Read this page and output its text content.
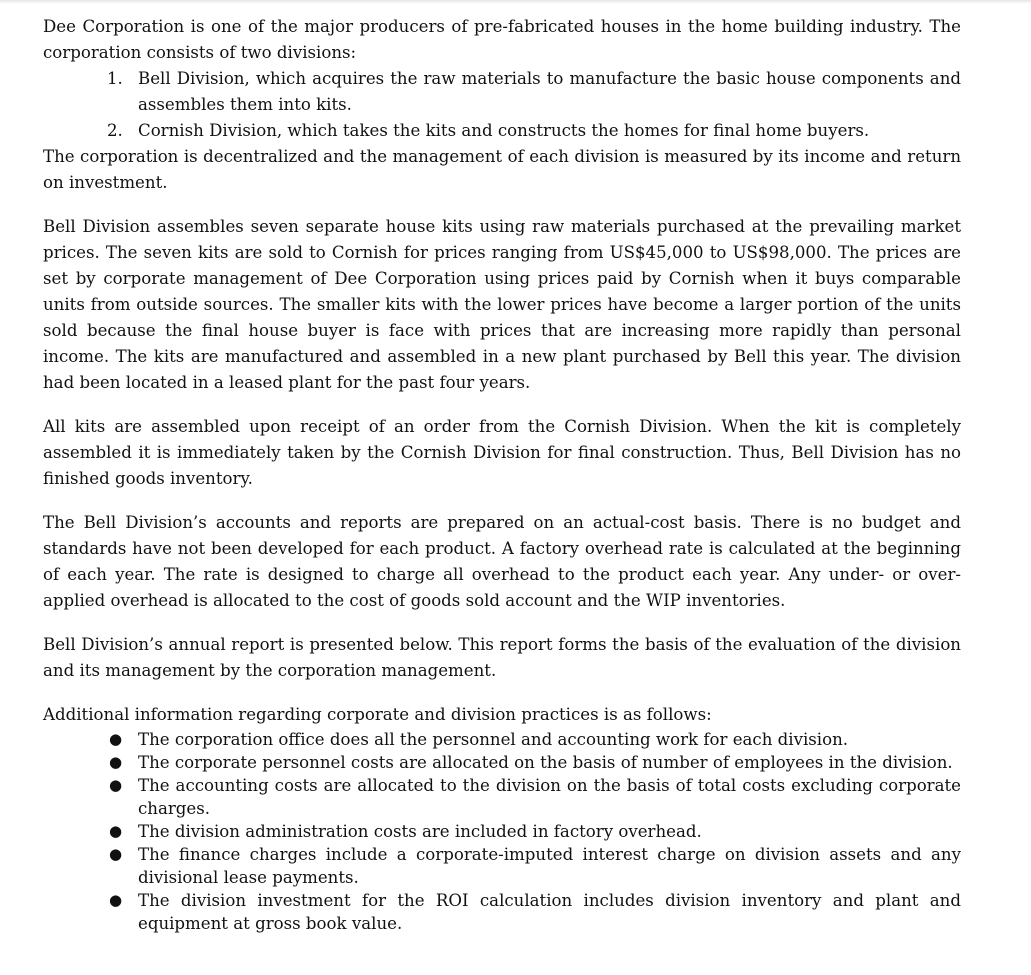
Dee Corporation is one of the major producers of pre-fabricated houses in the home building industry. The corporation consists of two divisions:

1. Bell Division, which acquires the raw materials to manufacture the basic house components and assembles them into kits.
2. Cornish Division, which takes the kits and constructs the homes for final home buyers.

The corporation is decentralized and the management of each division is measured by its income and return on investment.

Bell Division assembles seven separate house kits using raw materials purchased at the prevailing market prices. The seven kits are sold to Cornish for prices ranging from US$45,000 to US$98,000. The prices are set by corporate management of Dee Corporation using prices paid by Cornish when it buys comparable units from outside sources. The smaller kits with the lower prices have become a larger portion of the units sold because the final house buyer is face with prices that are increasing more rapidly than personal income. The kits are manufactured and assembled in a new plant purchased by Bell this year. The division had been located in a leased plant for the past four years.

All kits are assembled upon receipt of an order from the Cornish Division. When the kit is completely assembled it is immediately taken by the Cornish Division for final construction. Thus, Bell Division has no finished goods inventory.

The Bell Division’s accounts and reports are prepared on an actual-cost basis. There is no budget and standards have not been developed for each product. A factory overhead rate is calculated at the beginning of each year. The rate is designed to charge all overhead to the product each year. Any under- or over- applied overhead is allocated to the cost of goods sold account and the WIP inventories.

Bell Division’s annual report is presented below. This report forms the basis of the evaluation of the division and its management by the corporation management.

Additional information regarding corporate and division practices is as follows:

● The corporation office does all the personnel and accounting work for each division.
● The corporate personnel costs are allocated on the basis of number of employees in the division.
● The accounting costs are allocated to the division on the basis of total costs excluding corporate charges.
● The division administration costs are included in factory overhead.
● The finance charges include a corporate-imputed interest charge on division assets and any divisional lease payments.
● The division investment for the ROI calculation includes division inventory and plant and equipment at gross book value.
